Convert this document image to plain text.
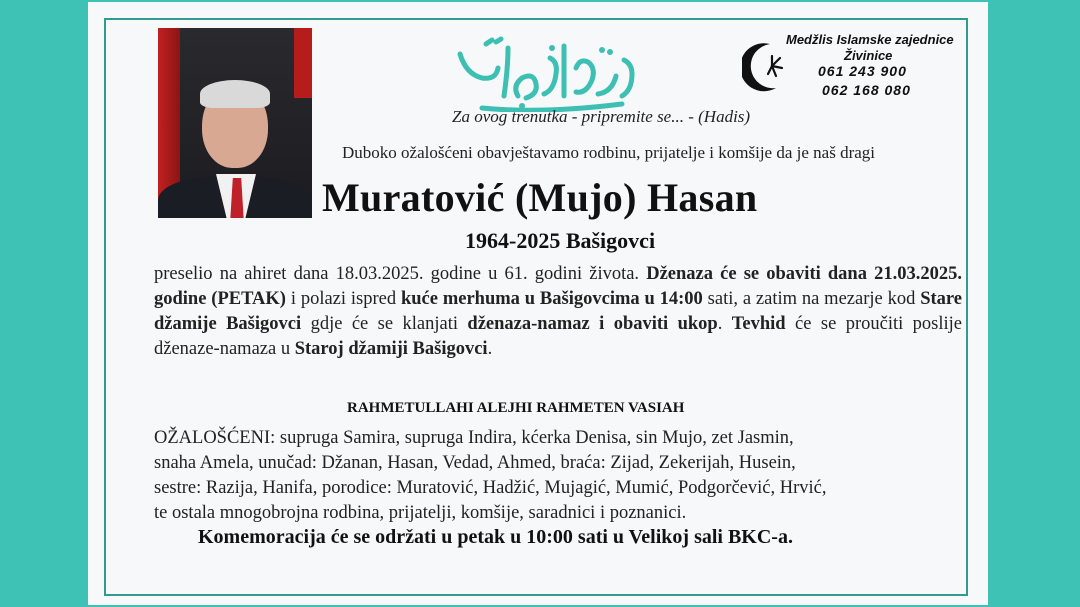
Za ovog trenutka - pripremite se... - (Hadis)
Medžlis Islamske zajednice
Živinice
061 243 900
062 168 080
Duboko ožalošćeni obavještavamo rodbinu, prijatelje i komšije da je naš dragi
Muratović (Mujo) Hasan
1964-2025 Bašigovci
preselio na ahiret dana 18.03.2025. godine u 61. godini života. Dženaza će se obaviti dana 21.03.2025. godine (PETAK) i polazi ispred kuće merhuma u Bašigovcima u 14:00 sati, a zatim na mezarje kod Stare džamije Bašigovci gdje će se klanjati dženaza-namaz i obaviti ukop. Tevhid će se proučiti poslije dženaze-namaza u Staroj džamiji Bašigovci.
RAHMETULLAHI ALEJHI RAHMETEN VASIAH
OŽALOŠĆENI: supruga Samira, supruga Indira, kćerka Denisa, sin Mujo, zet Jasmin,
snaha Amela, unučad: Džanan, Hasan, Vedad, Ahmed, braća: Zijad, Zekerijah, Husein,
sestre: Razija, Hanifa, porodice: Muratović, Hadžić, Mujagić, Mumić, Podgorčević, Hrvić,
te ostala mnogobrojna rodbina, prijatelji, komšije, saradnici i poznanici.
Komemoracija će se održati u petak u 10:00 sati u Velikoj sali BKC-a.
